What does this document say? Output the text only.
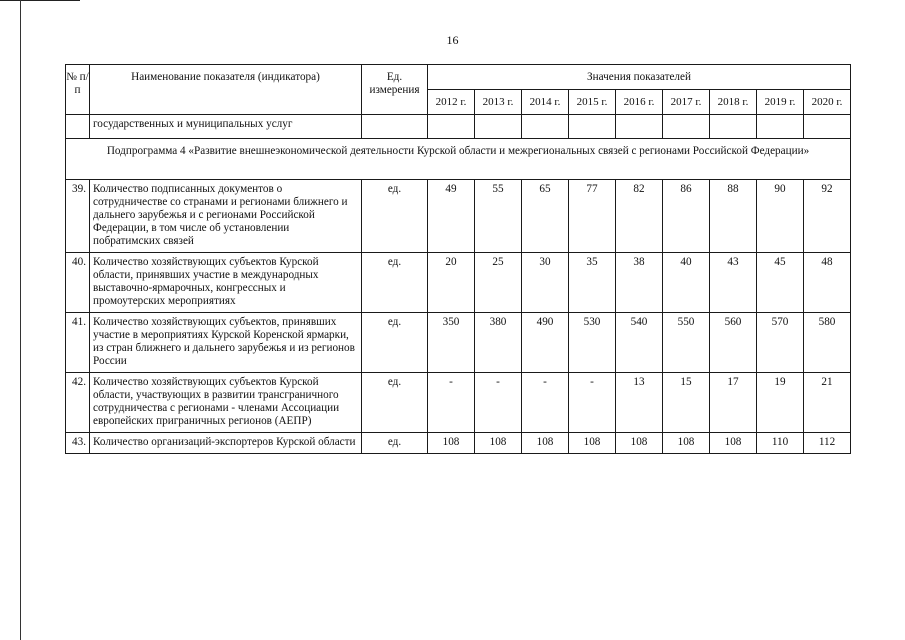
16
№ п/п	Наименование показателя (индикатора)	Ед. измерения	Значения показателей								
			2012 г.	2013 г.	2014 г.	2015 г.	2016 г.	2017 г.	2018 г.	2019 г.	2020 г.
	государственных и муниципальных услуг										
Подпрограмма 4 «Развитие внешнеэкономической деятельности Курской области и межрегиональных связей с регионами Российской Федерации»											
39.	Количество подписанных документов о сотрудничестве со странами и регионами ближнего и дальнего зарубежья и с регионами Российской Федерации, в том числе об установлении побратимских связей	ед.	49	55	65	77	82	86	88	90	92
40.	Количество хозяйствующих субъектов Курской области, принявших участие в международных выставочно-ярмарочных, конгрессных и промоутерских мероприятиях	ед.	20	25	30	35	38	40	43	45	48
41.	Количество хозяйствующих субъектов, принявших участие в мероприятиях Курской Коренской ярмарки, из стран ближнего и дальнего зарубежья и из регионов России	ед.	350	380	490	530	540	550	560	570	580
42.	Количество хозяйствующих субъектов Курской области, участвующих в развитии трансграничного сотрудничества с регионами - членами Ассоциации европейских приграничных регионов (АЕПР)	ед.	-	-	-	-	13	15	17	19	21
43.	Количество организаций-экспортеров Курской области	ед.	108	108	108	108	108	108	108	110	112
